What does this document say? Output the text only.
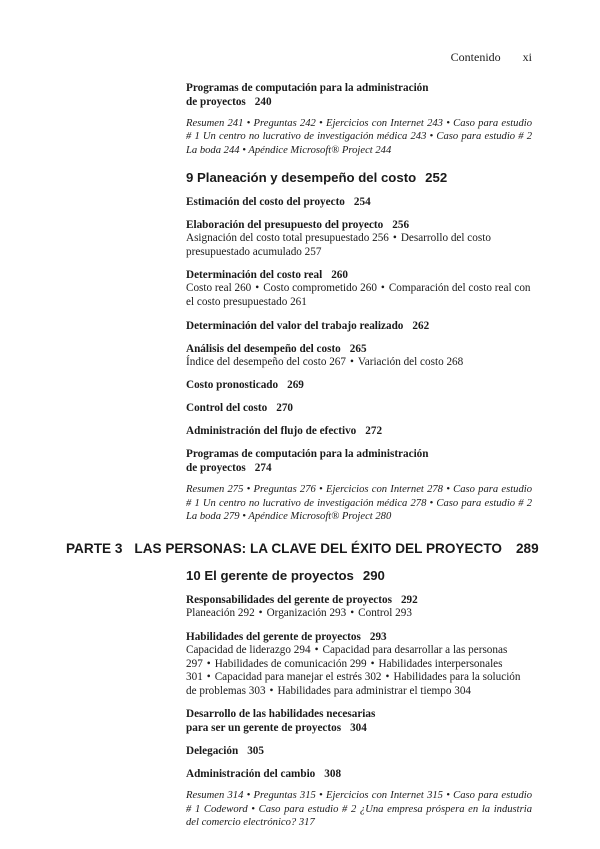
Contenido xi
Programas de computación para la administración
de proyectos 240
Resumen 241 • Preguntas 242 • Ejercicios con Internet 243 • Caso para estudio # 1 Un centro no lucrativo de investigación médica 243 • Caso para estudio # 2 La boda 244 • Apéndice Microsoft® Project 244
9 Planeación y desempeño del costo 252
Estimación del costo del proyecto 254
Elaboración del presupuesto del proyecto 256
Asignación del costo total presupuestado 256 • Desarrollo del costo presupuestado acumulado 257
Determinación del costo real 260
Costo real 260 • Costo comprometido 260 • Comparación del costo real con el costo presupuestado 261
Determinación del valor del trabajo realizado 262
Análisis del desempeño del costo 265
Índice del desempeño del costo 267 • Variación del costo 268
Costo pronosticado 269
Control del costo 270
Administración del flujo de efectivo 272
Programas de computación para la administración
de proyectos 274
Resumen 275 • Preguntas 276 • Ejercicios con Internet 278 • Caso para estudio # 1 Un centro no lucrativo de investigación médica 278 • Caso para estudio # 2 La boda 279 • Apéndice Microsoft® Project 280
PARTE 3 LAS PERSONAS: LA CLAVE DEL ÉXITO DEL PROYECTO 289
10 El gerente de proyectos 290
Responsabilidades del gerente de proyectos 292
Planeación 292 • Organización 293 • Control 293
Habilidades del gerente de proyectos 293
Capacidad de liderazgo 294 • Capacidad para desarrollar a las personas 297 • Habilidades de comunicación 299 • Habilidades interpersonales 301 • Capacidad para manejar el estrés 302 • Habilidades para la solución de problemas 303 • Habilidades para administrar el tiempo 304
Desarrollo de las habilidades necesarias
para ser un gerente de proyectos 304
Delegación 305
Administración del cambio 308
Resumen 314 • Preguntas 315 • Ejercicios con Internet 315 • Caso para estudio # 1 Codeword • Caso para estudio # 2 ¿Una empresa próspera en la industria del comercio electrónico? 317
